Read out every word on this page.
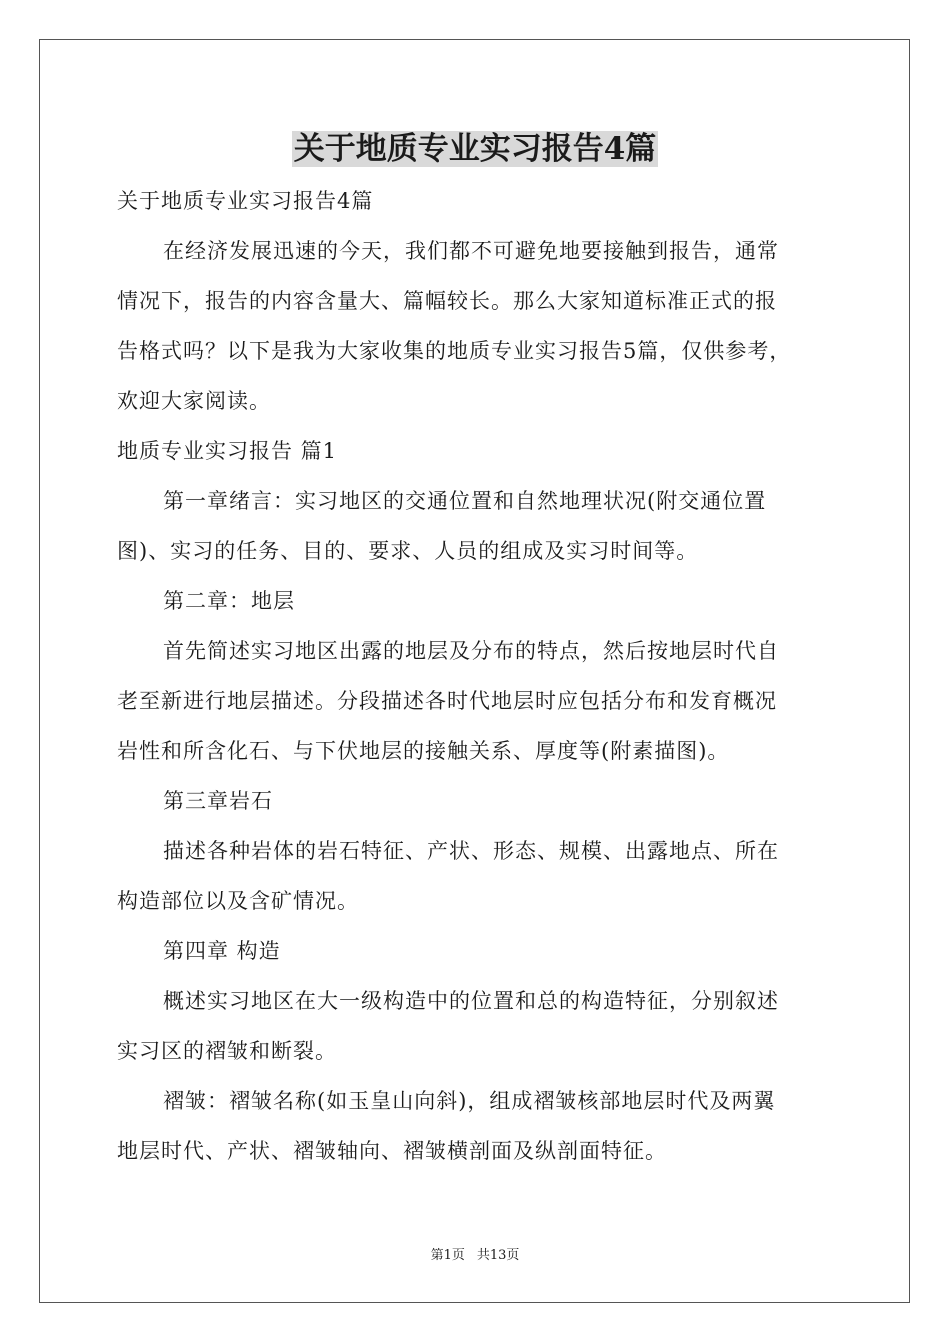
关于地质专业实习报告4篇

关于地质专业实习报告4篇

在经济发展迅速的今天，我们都不可避免地要接触到报告，通常

情况下，报告的内容含量大、篇幅较长。那么大家知道标准正式的报

告格式吗？以下是我为大家收集的地质专业实习报告5篇，仅供参考，

欢迎大家阅读。

地质专业实习报告 篇1

第一章绪言：实习地区的交通位置和自然地理状况(附交通位置

图)、实习的任务、目的、要求、人员的组成及实习时间等。

第二章：地层

首先简述实习地区出露的地层及分布的特点，然后按地层时代自

老至新进行地层描述。分段描述各时代地层时应包括分布和发育概况

岩性和所含化石、与下伏地层的接触关系、厚度等(附素描图)。

第三章岩石

描述各种岩体的岩石特征、产状、形态、规模、出露地点、所在

构造部位以及含矿情况。

第四章 构造

概述实习地区在大一级构造中的位置和总的构造特征，分别叙述

实习区的褶皱和断裂。

褶皱：褶皱名称(如玉皇山向斜)，组成褶皱核部地层时代及两翼

地层时代、产状、褶皱轴向、褶皱横剖面及纵剖面特征。

第1页 共13页
